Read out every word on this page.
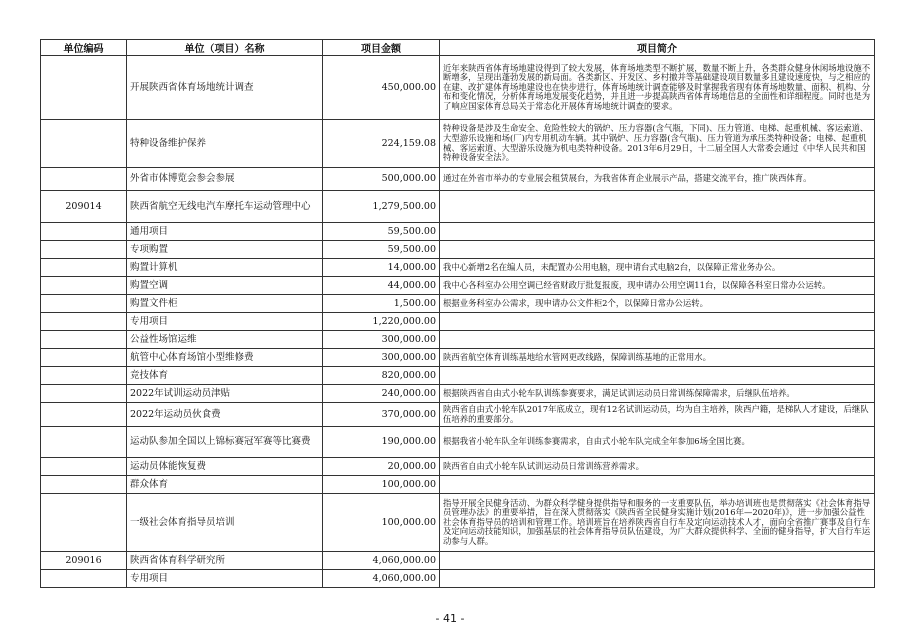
单位编码	单位（项目）名称	项目金额	项目简介
	开展陕西省体育场地统计调查	450,000.00	近年来陕西省体育场地建设得到了较大发展，体育场地类型不断扩展，数量不断上升，各类群众健身休闲场地设施不断增多，呈现出蓬勃发展的新局面。各类新区、开发区、乡村撤并等基础建设项目数量多且建设速度快，与之相应的在建、改扩建体育场地建设也在快步进行，体育场地统计调查能够及时掌握我省现有体育场地数量、面积、机构、分布和变化情况，分析体育场地发展变化趋势，并且进一步提高陕西省体育场地信息的全面性和详细程度。同时也是为了响应国家体育总局关于常态化开展体育场地统计调查的要求。
	特种设备维护保养	224,159.08	特种设备是涉及生命安全、危险性较大的锅炉、压力容器(含气瓶，下同)、压力管道、电梯、起重机械、客运索道、大型游乐设施和场(厂)内专用机动车辆。其中锅炉、压力容器(含气瓶)、压力管道为承压类特种设备；电梯、起重机械、客运索道、大型游乐设施为机电类特种设备。2013年6月29日，十二届全国人大常委会通过《中华人民共和国特种设备安全法》。
	外省市体博览会参会参展	500,000.00	通过在外省市举办的专业展会租赁展台，为我省体育企业展示产品，搭建交流平台，推广陕西体育。
209014	陕西省航空无线电汽车摩托车运动管理中心	1,279,500.00	
	通用项目	59,500.00	
	专项购置	59,500.00	
	购置计算机	14,000.00	我中心新增2名在编人员，未配置办公用电脑，现申请台式电脑2台，以保障正常业务办公。
	购置空调	44,000.00	我中心各科室办公用空调已经省财政厅批复报废，现申请办公用空调11台，以保障各科室日常办公运转。
	购置文件柜	1,500.00	根据业务科室办公需求，现申请办公文件柜2个，以保障日常办公运转。
	专用项目	1,220,000.00	
	公益性场馆运维	300,000.00	
	航管中心体育场馆小型维修费	300,000.00	陕西省航空体育训练基地给水管网更改线路，保障训练基地的正常用水。
	竞技体育	820,000.00	
	2022年试训运动员津贴	240,000.00	根据陕西省自由式小轮车队训练参赛要求，满足试训运动员日常训练保障需求，后继队伍培养。
	2022年运动员伙食费	370,000.00	陕西省自由式小轮车队2017年底成立，现有12名试训运动员，均为自主培养，陕西户籍，是梯队人才建设，后继队伍培养的重要部分。
	运动队参加全国以上锦标赛冠军赛等比赛费	190,000.00	根据我省小轮车队全年训练参赛需求，自由式小轮车队完成全年参加6场全国比赛。
	运动员体能恢复费	20,000.00	陕西省自由式小轮车队试训运动员日常训练营养需求。
	群众体育	100,000.00	
	一级社会体育指导员培训	100,000.00	指导开展全民健身活动、为群众科学健身提供指导和服务的一支重要队伍，举办培训班也是贯彻落实《社会体育指导员管理办法》的重要举措，旨在深入贯彻落实《陕西省全民健身实施计划(2016年—2020年)》，进一步加强公益性社会体育指导员的培训和管理工作。培训班旨在培养陕西省自行车及定向运动技术人才，面向全省推广赛事及自行车及定向运动技能知识，加强基层的社会体育指导员队伍建设，为广大群众提供科学、全面的健身指导，扩大自行车运动参与人群。
209016	陕西省体育科学研究所	4,060,000.00	
	专用项目	4,060,000.00	
- 41 -
